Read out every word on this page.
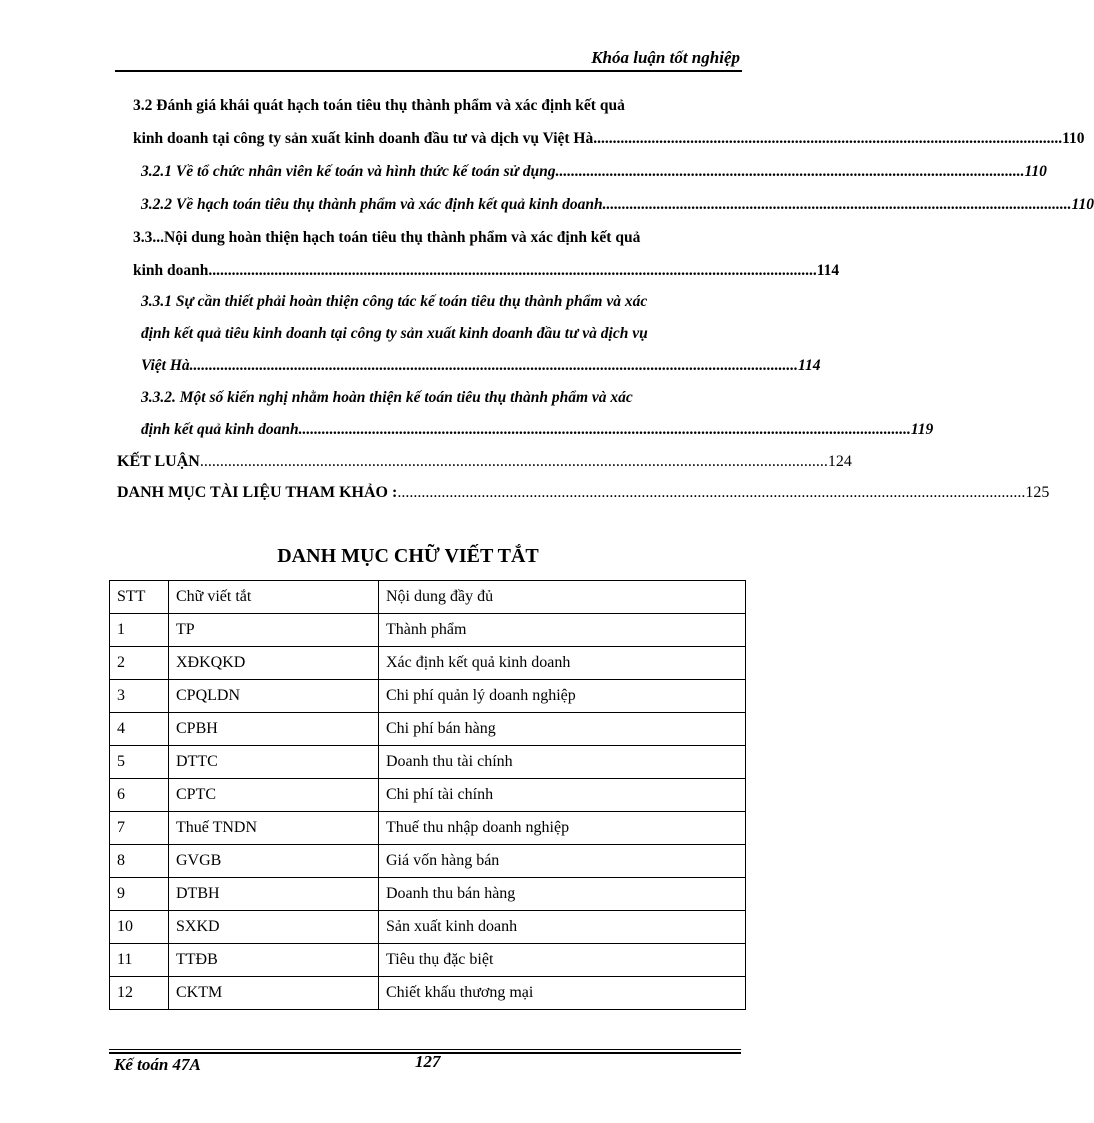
Khóa luận tốt nghiệp
3.2 Đánh giá khái quát hạch toán tiêu thụ thành phẩm và xác định kết quả
kinh doanh tại công ty sản xuất kinh doanh đầu tư và dịch vụ Việt Hà ......................................................................................................................... 110
3.2.1 Về tổ chức nhân viên kế toán và hình thức kế toán sử dụng ......................................................................................................................... 110
3.2.2 Về hạch toán tiêu thụ thành phẩm và xác định kết quả kinh doanh ......................................................................................................................... 110
3.3...Nội dung hoàn thiện hạch toán tiêu thụ thành phẩm và xác định kết quả
kinh doanh ............................................................................................................................................................. 114
3.3.1 Sự cần thiết phải hoàn thiện công tác kế toán tiêu thụ thành phẩm và xác
định kết quả tiêu kinh doanh tại công ty sản xuất kinh doanh đầu tư và dịch vụ
Việt Hà ............................................................................................................................................................. 114
3.3.2. Một số kiến nghị nhằm hoàn thiện kế toán tiêu thụ thành phẩm và xác
định kết quả kinh doanh. ............................................................................................................................................................. 119
KẾT LUẬN ............................................................................................................................................................. 124
DANH MỤC TÀI LIỆU THAM KHẢO : ............................................................................................................................................................. 125
DANH MỤC CHỮ VIẾT TẮT
STT	Chữ viết tắt	Nội dung đầy đủ
1	TP	Thành phẩm
2	XĐKQKD	Xác định kết quả kinh doanh
3	CPQLDN	Chi phí quản lý doanh nghiệp
4	CPBH	Chi phí bán hàng
5	DTTC	Doanh thu tài chính
6	CPTC	Chi phí tài chính
7	Thuế TNDN	Thuế thu nhập doanh nghiệp
8	GVGB	Giá vốn hàng bán
9	DTBH	Doanh thu bán hàng
10	SXKD	Sản xuất kinh doanh
11	TTĐB	Tiêu thụ đặc biệt
12	CKTM	Chiết khấu thương mại
Kế toán 47A	127
